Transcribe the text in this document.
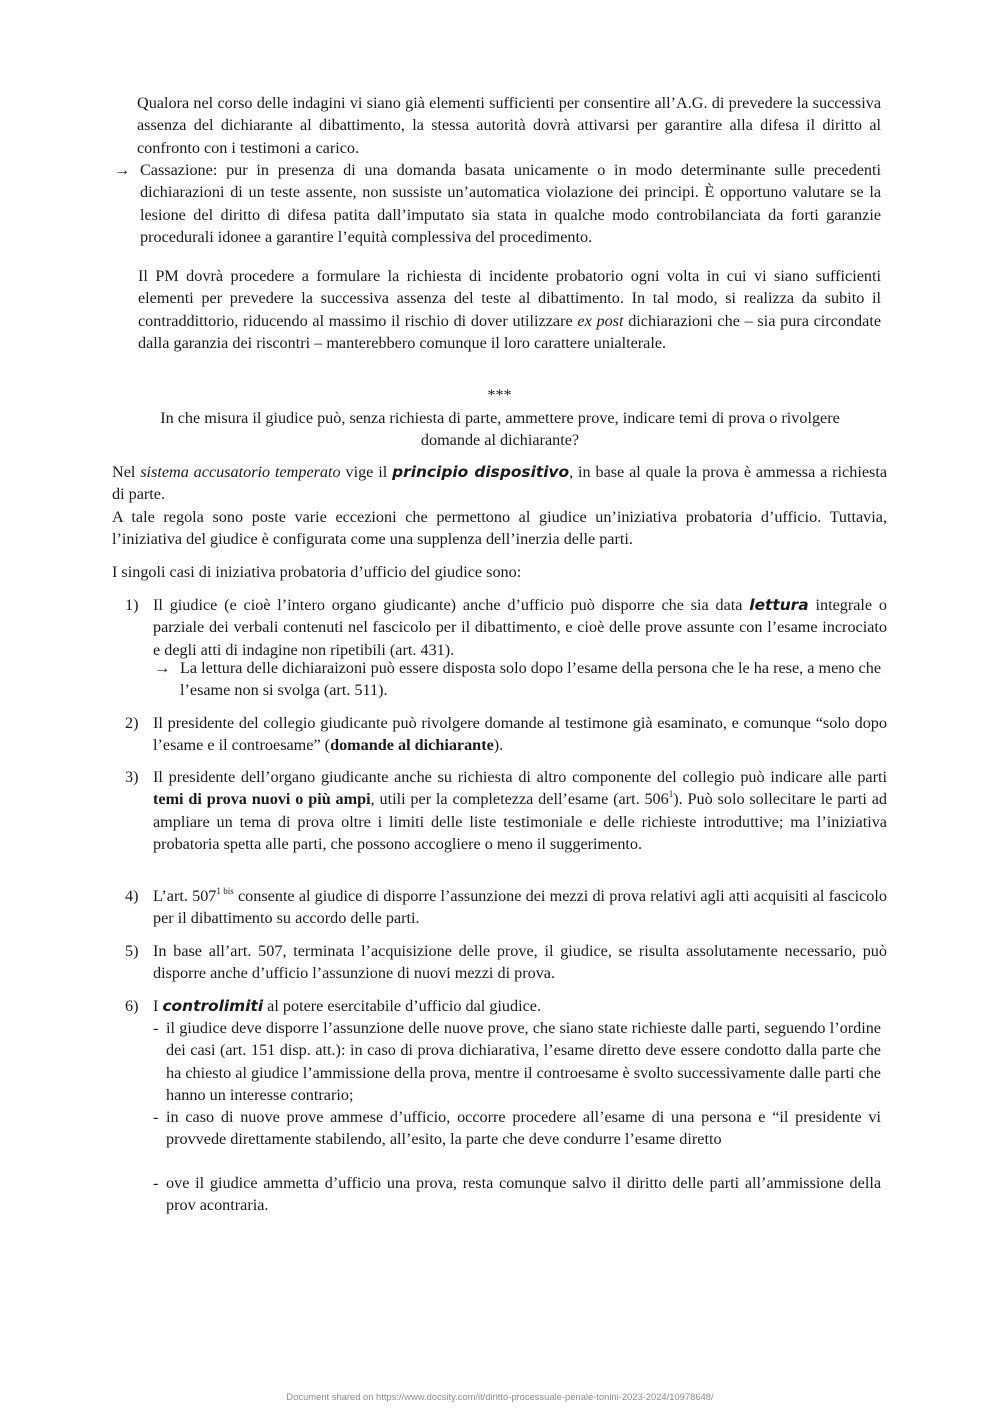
Qualora nel corso delle indagini vi siano già elementi sufficienti per consentire all’A.G. di prevedere la successiva assenza del dichiarante al dibattimento, la stessa autorità dovrà attivarsi per garantire alla difesa il diritto al confronto con i testimoni a carico.

→ Cassazione: pur in presenza di una domanda basata unicamente o in modo determinante sulle precedenti dichiarazioni di un teste assente, non sussiste un’automatica violazione dei principi. È opportuno valutare se la lesione del diritto di difesa patita dall’imputato sia stata in qualche modo controbilanciata da forti garanzie procedurali idonee a garantire l’equità complessiva del procedimento.

Il PM dovrà procedere a formulare la richiesta di incidente probatorio ogni volta in cui vi siano sufficienti elementi per prevedere la successiva assenza del teste al dibattimento. In tal modo, si realizza da subito il contraddittorio, riducendo al massimo il rischio di dover utilizzare ex post dichiarazioni che – sia pura circondate dalla garanzia dei riscontri – manterebbero comunque il loro carattere unialterale.

***

In che misura il giudice può, senza richiesta di parte, ammettere prove, indicare temi di prova o rivolgere domande al dichiarante?

Nel sistema accusatorio temperato vige il principio dispositivo, in base al quale la prova è ammessa a richiesta di parte.

A tale regola sono poste varie eccezioni che permettono al giudice un’iniziativa probatoria d’ufficio. Tuttavia, l’iniziativa del giudice è configurata come una supplenza dell’inerzia delle parti.

I singoli casi di iniziativa probatoria d’ufficio del giudice sono:

1) Il giudice (e cioè l’intero organo giudicante) anche d’ufficio può disporre che sia data lettura integrale o parziale dei verbali contenuti nel fascicolo per il dibattimento, e cioè delle prove assunte con l’esame incrociato e degli atti di indagine non ripetibili (art. 431).

→ La lettura delle dichiaraizoni può essere disposta solo dopo l’esame della persona che le ha rese, a meno che l’esame non si svolga (art. 511).

2) Il presidente del collegio giudicante può rivolgere domande al testimone già esaminato, e comunque “solo dopo l’esame e il controesame” (domande al dichiarante).

3) Il presidente dell’organo giudicante anche su richiesta di altro componente del collegio può indicare alle parti temi di prova nuovi o più ampi, utili per la completezza dell’esame (art. $506^1$). Può solo sollecitare le parti ad ampliare un tema di prova oltre i limiti delle liste testimoniale e delle richieste introduttive; ma l’iniziativa probatoria spetta alle parti, che possono accogliere o meno il suggerimento.

4) L’art. $507^{1 bis}$ consente al giudice di disporre l’assunzione dei mezzi di prova relativi agli atti acquisiti al fascicolo per il dibattimento su accordo delle parti.

5) In base all’art. 507, terminata l’acquisizione delle prove, il giudice, se risulta assolutamente necessario, può disporre anche d’ufficio l’assunzione di nuovi mezzi di prova.

6) I controlimiti al potere esercitabile d’ufficio dal giudice.

- il giudice deve disporre l’assunzione delle nuove prove, che siano state richieste dalle parti, seguendo l’ordine dei casi (art. 151 disp. att.): in caso di prova dichiarativa, l’esame diretto deve essere condotto dalla parte che ha chiesto al giudice l’ammissione della prova, mentre il controesame è svolto successivamente dalle parti che hanno un interesse contrario;

- in caso di nuove prove ammese d’ufficio, occorre procedere all’esame di una persona e “il presidente vi provvede direttamente stabilendo, all’esito, la parte che deve condurre l’esame diretto

- ove il giudice ammetta d’ufficio una prova, resta comunque salvo il diritto delle parti all’ammissione della prov acontraria.

Document shared on https://www.docsity.com/it/diritto-processuale-penale-tonini-2023-2024/10978648/
